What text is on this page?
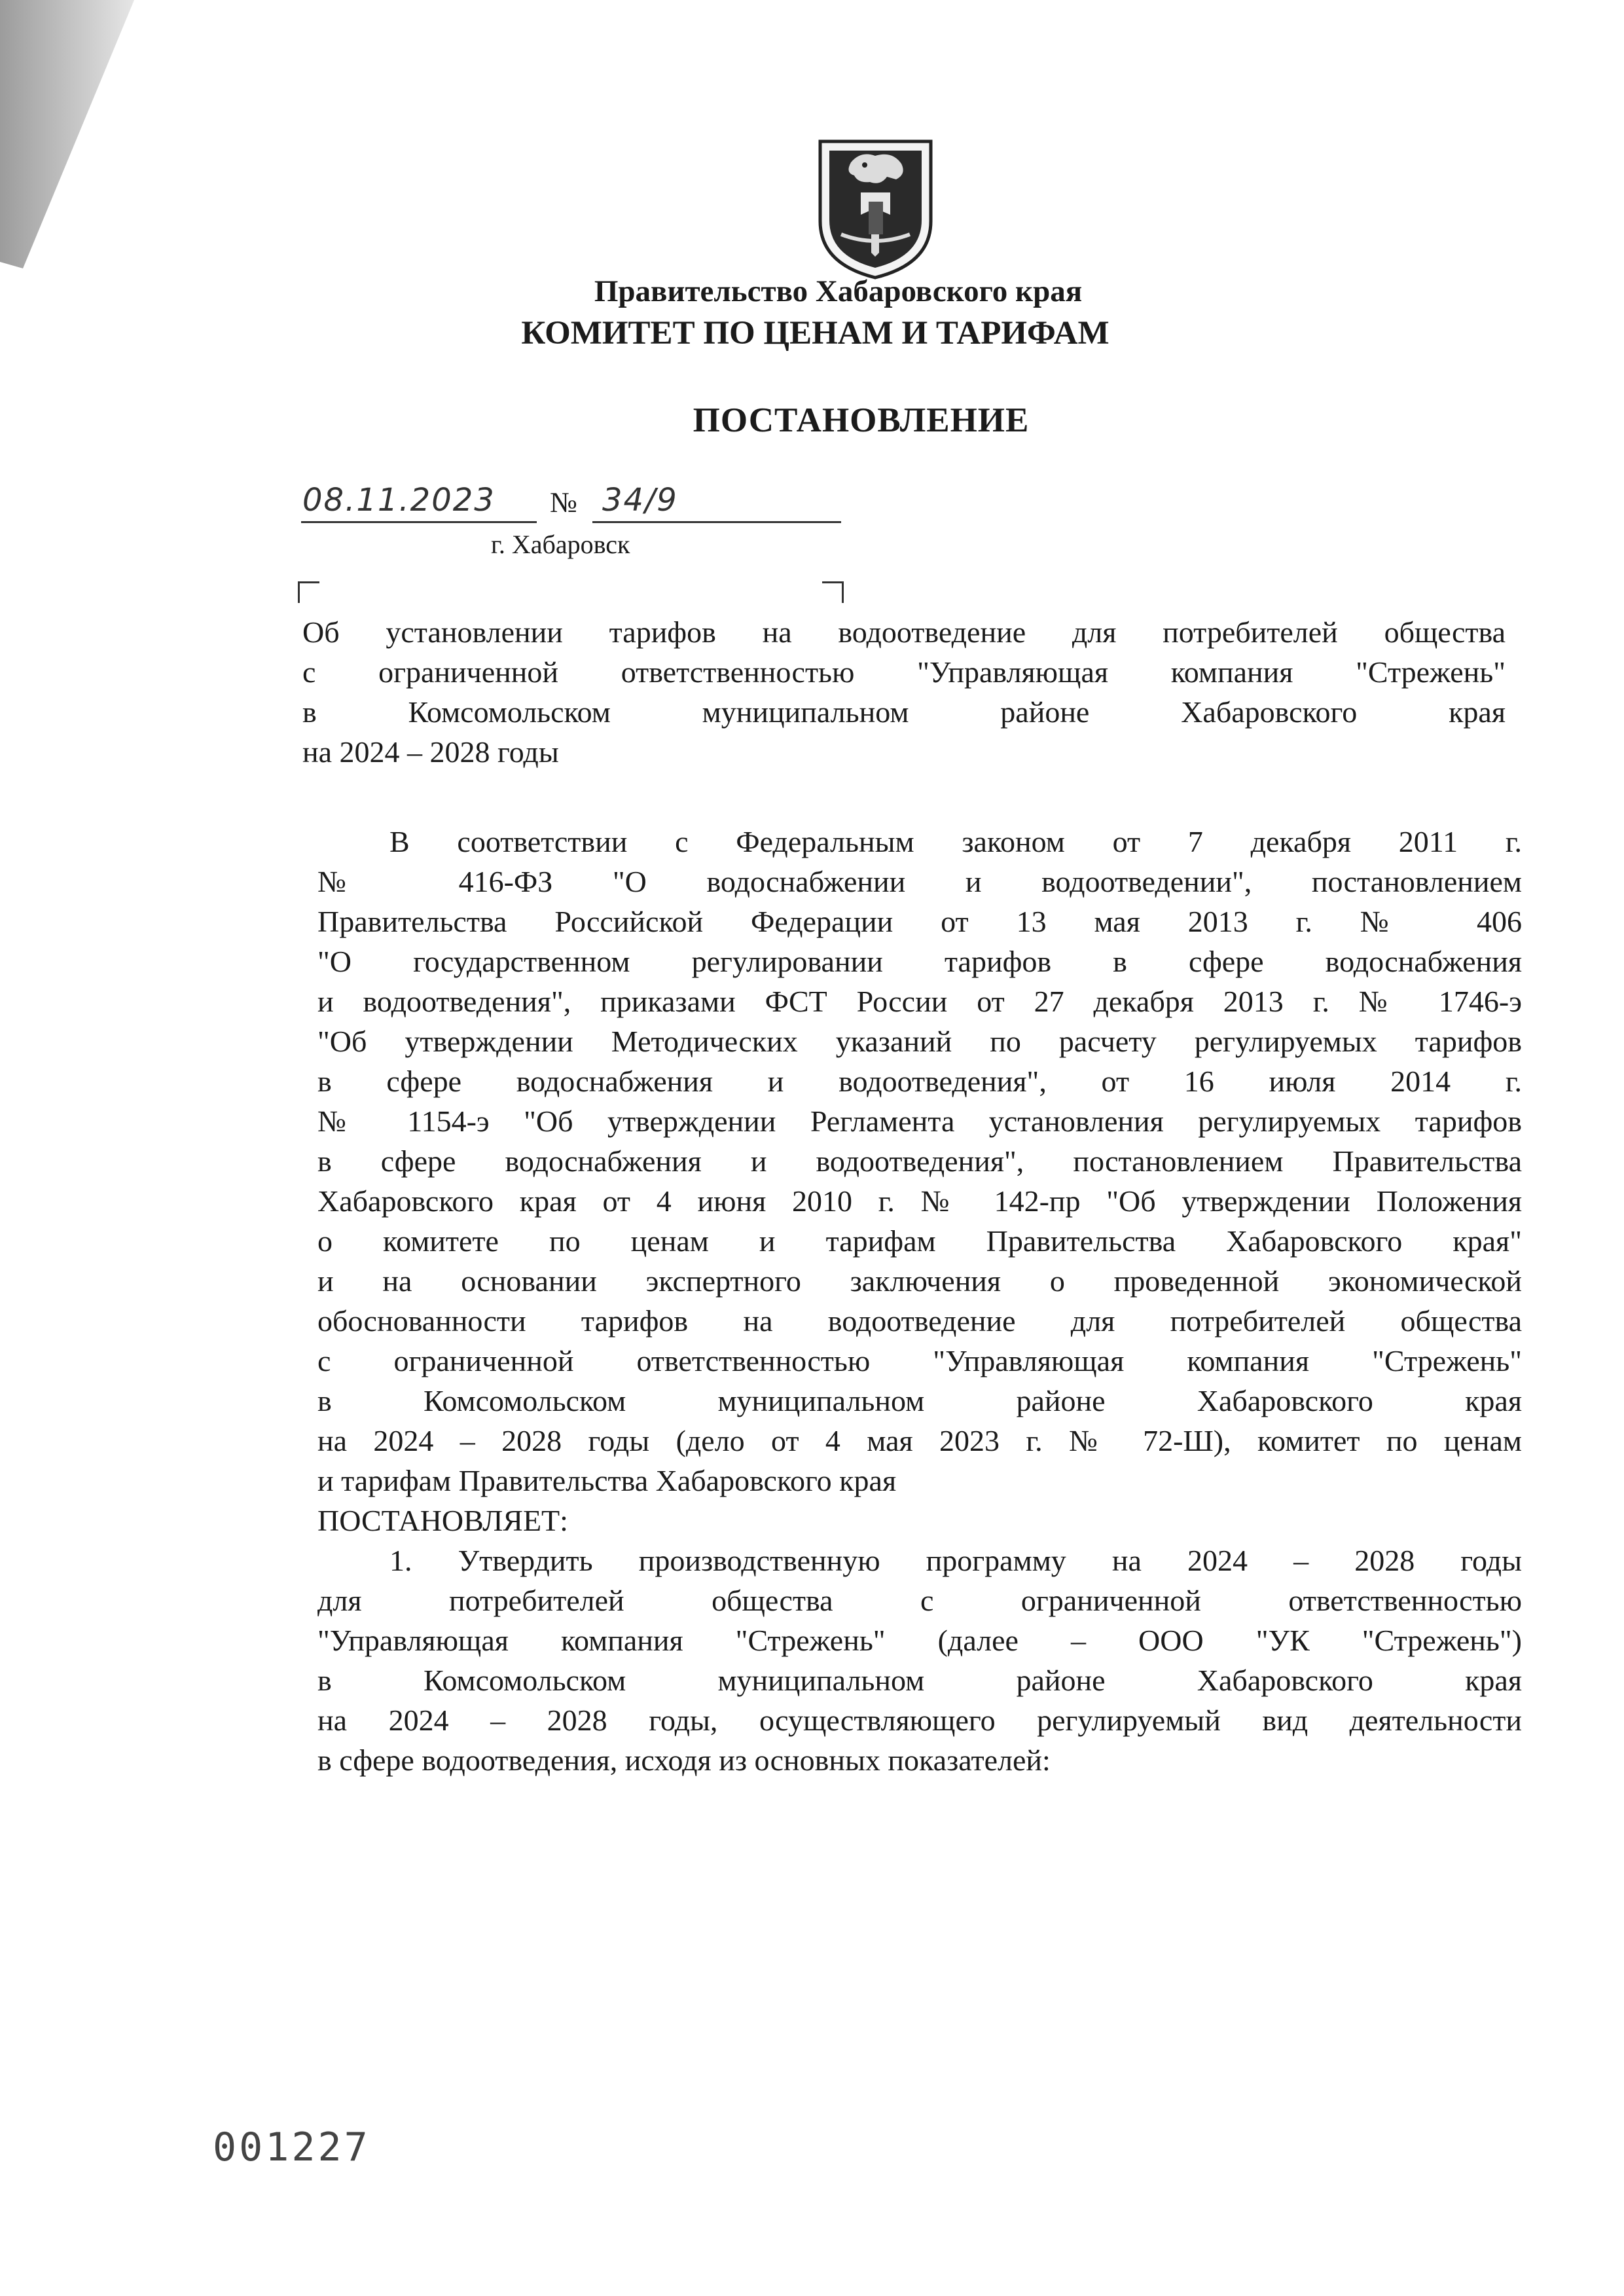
Правительство Хабаровского края
КОМИТЕТ ПО ЦЕНАМ И ТАРИФАМ
ПОСТАНОВЛЕНИЕ
08.11.2023 № 34/9
г. Хабаровск
Об установлении тарифов на водоотведение для потребителей общества
с ограниченной ответственностью "Управляющая компания "Стрежень"
в Комсомольском муниципальном районе Хабаровского края
на 2024 – 2028 годы
В соответствии с Федеральным законом от 7 декабря 2011 г.
№ 416-ФЗ "О водоснабжении и водоотведении", постановлением
Правительства Российской Федерации от 13 мая 2013 г. № 406
"О государственном регулировании тарифов в сфере водоснабжения
и водоотведения", приказами ФСТ России от 27 декабря 2013 г. № 1746-э
"Об утверждении Методических указаний по расчету регулируемых тарифов
в сфере водоснабжения и водоотведения", от 16 июля 2014 г.
№ 1154-э "Об утверждении Регламента установления регулируемых тарифов
в сфере водоснабжения и водоотведения", постановлением Правительства
Хабаровского края от 4 июня 2010 г. № 142-пр "Об утверждении Положения
о комитете по ценам и тарифам Правительства Хабаровского края"
и на основании экспертного заключения о проведенной экономической
обоснованности тарифов на водоотведение для потребителей общества
с ограниченной ответственностью "Управляющая компания "Стрежень"
в Комсомольском муниципальном районе Хабаровского края
на 2024 – 2028 годы (дело от 4 мая 2023 г. № 72-Ш), комитет по ценам
и тарифам Правительства Хабаровского края
ПОСТАНОВЛЯЕТ:
1. Утвердить производственную программу на 2024 – 2028 годы
для потребителей общества с ограниченной ответственностью
"Управляющая компания "Стрежень" (далее – ООО "УК "Стрежень")
в Комсомольском муниципальном районе Хабаровского края
на 2024 – 2028 годы, осуществляющего регулируемый вид деятельности
в сфере водоотведения, исходя из основных показателей:
001227
